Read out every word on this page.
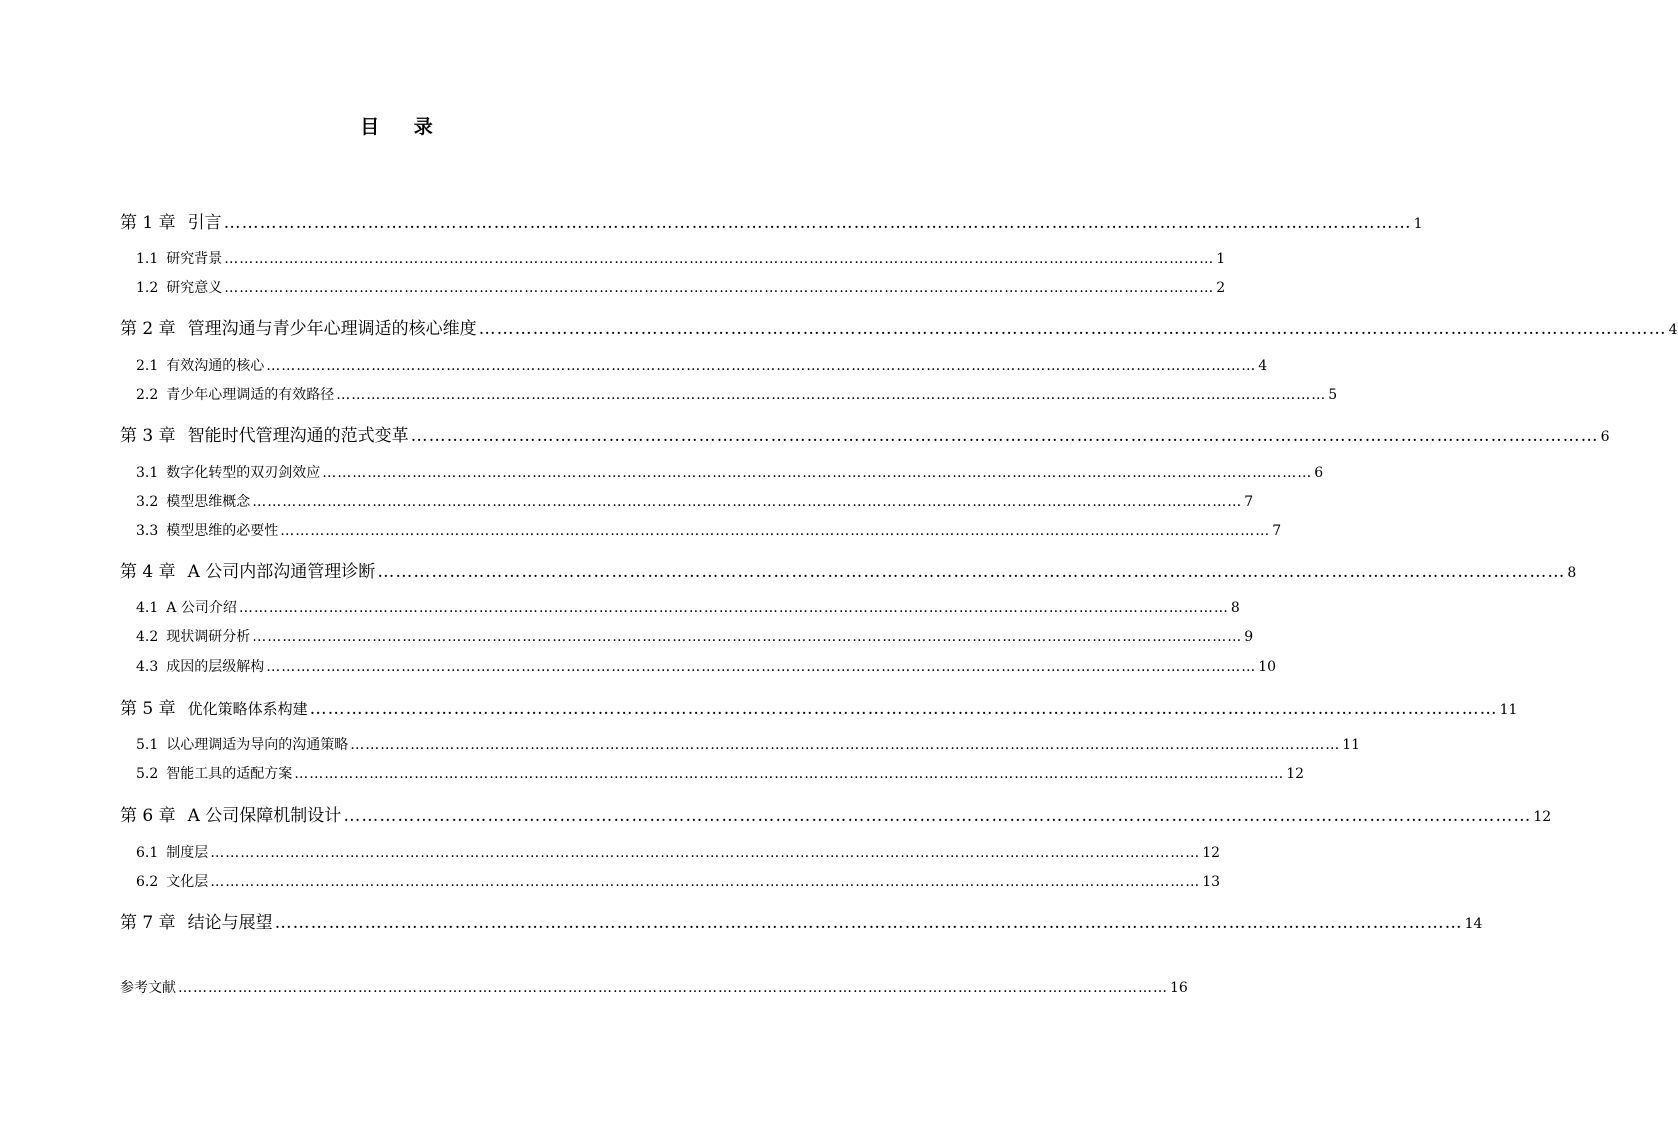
目 录
第 1 章 引言 ……………………………………………………………………………………………………………………………………………………………………………… 1
1.1 研究背景 ……………………………………………………………………………………………………………………………………………………………………………… 1
1.2 研究意义 ……………………………………………………………………………………………………………………………………………………………………………… 2
第 2 章 管理沟通与青少年心理调适的核心维度 ……………………………………………………………………………………………………………………………………………………………………………… 4
2.1 有效沟通的核心 ……………………………………………………………………………………………………………………………………………………………………………… 4
2.2 青少年心理调适的有效路径 ……………………………………………………………………………………………………………………………………………………………………………… 5
第 3 章 智能时代管理沟通的范式变革 ……………………………………………………………………………………………………………………………………………………………………………… 6
3.1 数字化转型的双刃剑效应 ……………………………………………………………………………………………………………………………………………………………………………… 6
3.2 模型思维概念 ……………………………………………………………………………………………………………………………………………………………………………… 7
3.3 模型思维的必要性 ……………………………………………………………………………………………………………………………………………………………………………… 7
第 4 章 A 公司内部沟通管理诊断 ……………………………………………………………………………………………………………………………………………………………………………… 8
4.1 A 公司介绍 ……………………………………………………………………………………………………………………………………………………………………………… 8
4.2 现状调研分析 ……………………………………………………………………………………………………………………………………………………………………………… 9
4.3 成因的层级解构 ……………………………………………………………………………………………………………………………………………………………………………… 10
第 5 章 优化策略体系构建 ……………………………………………………………………………………………………………………………………………………………………………… 11
5.1 以心理调适为导向的沟通策略 ……………………………………………………………………………………………………………………………………………………………………………… 11
5.2 智能工具的适配方案 ……………………………………………………………………………………………………………………………………………………………………………… 12
第 6 章 A 公司保障机制设计 ……………………………………………………………………………………………………………………………………………………………………………… 12
6.1 制度层 ……………………………………………………………………………………………………………………………………………………………………………… 12
6.2 文化层 ……………………………………………………………………………………………………………………………………………………………………………… 13
第 7 章 结论与展望 ……………………………………………………………………………………………………………………………………………………………………………… 14
参考文献 ……………………………………………………………………………………………………………………………………………………………………………… 16
